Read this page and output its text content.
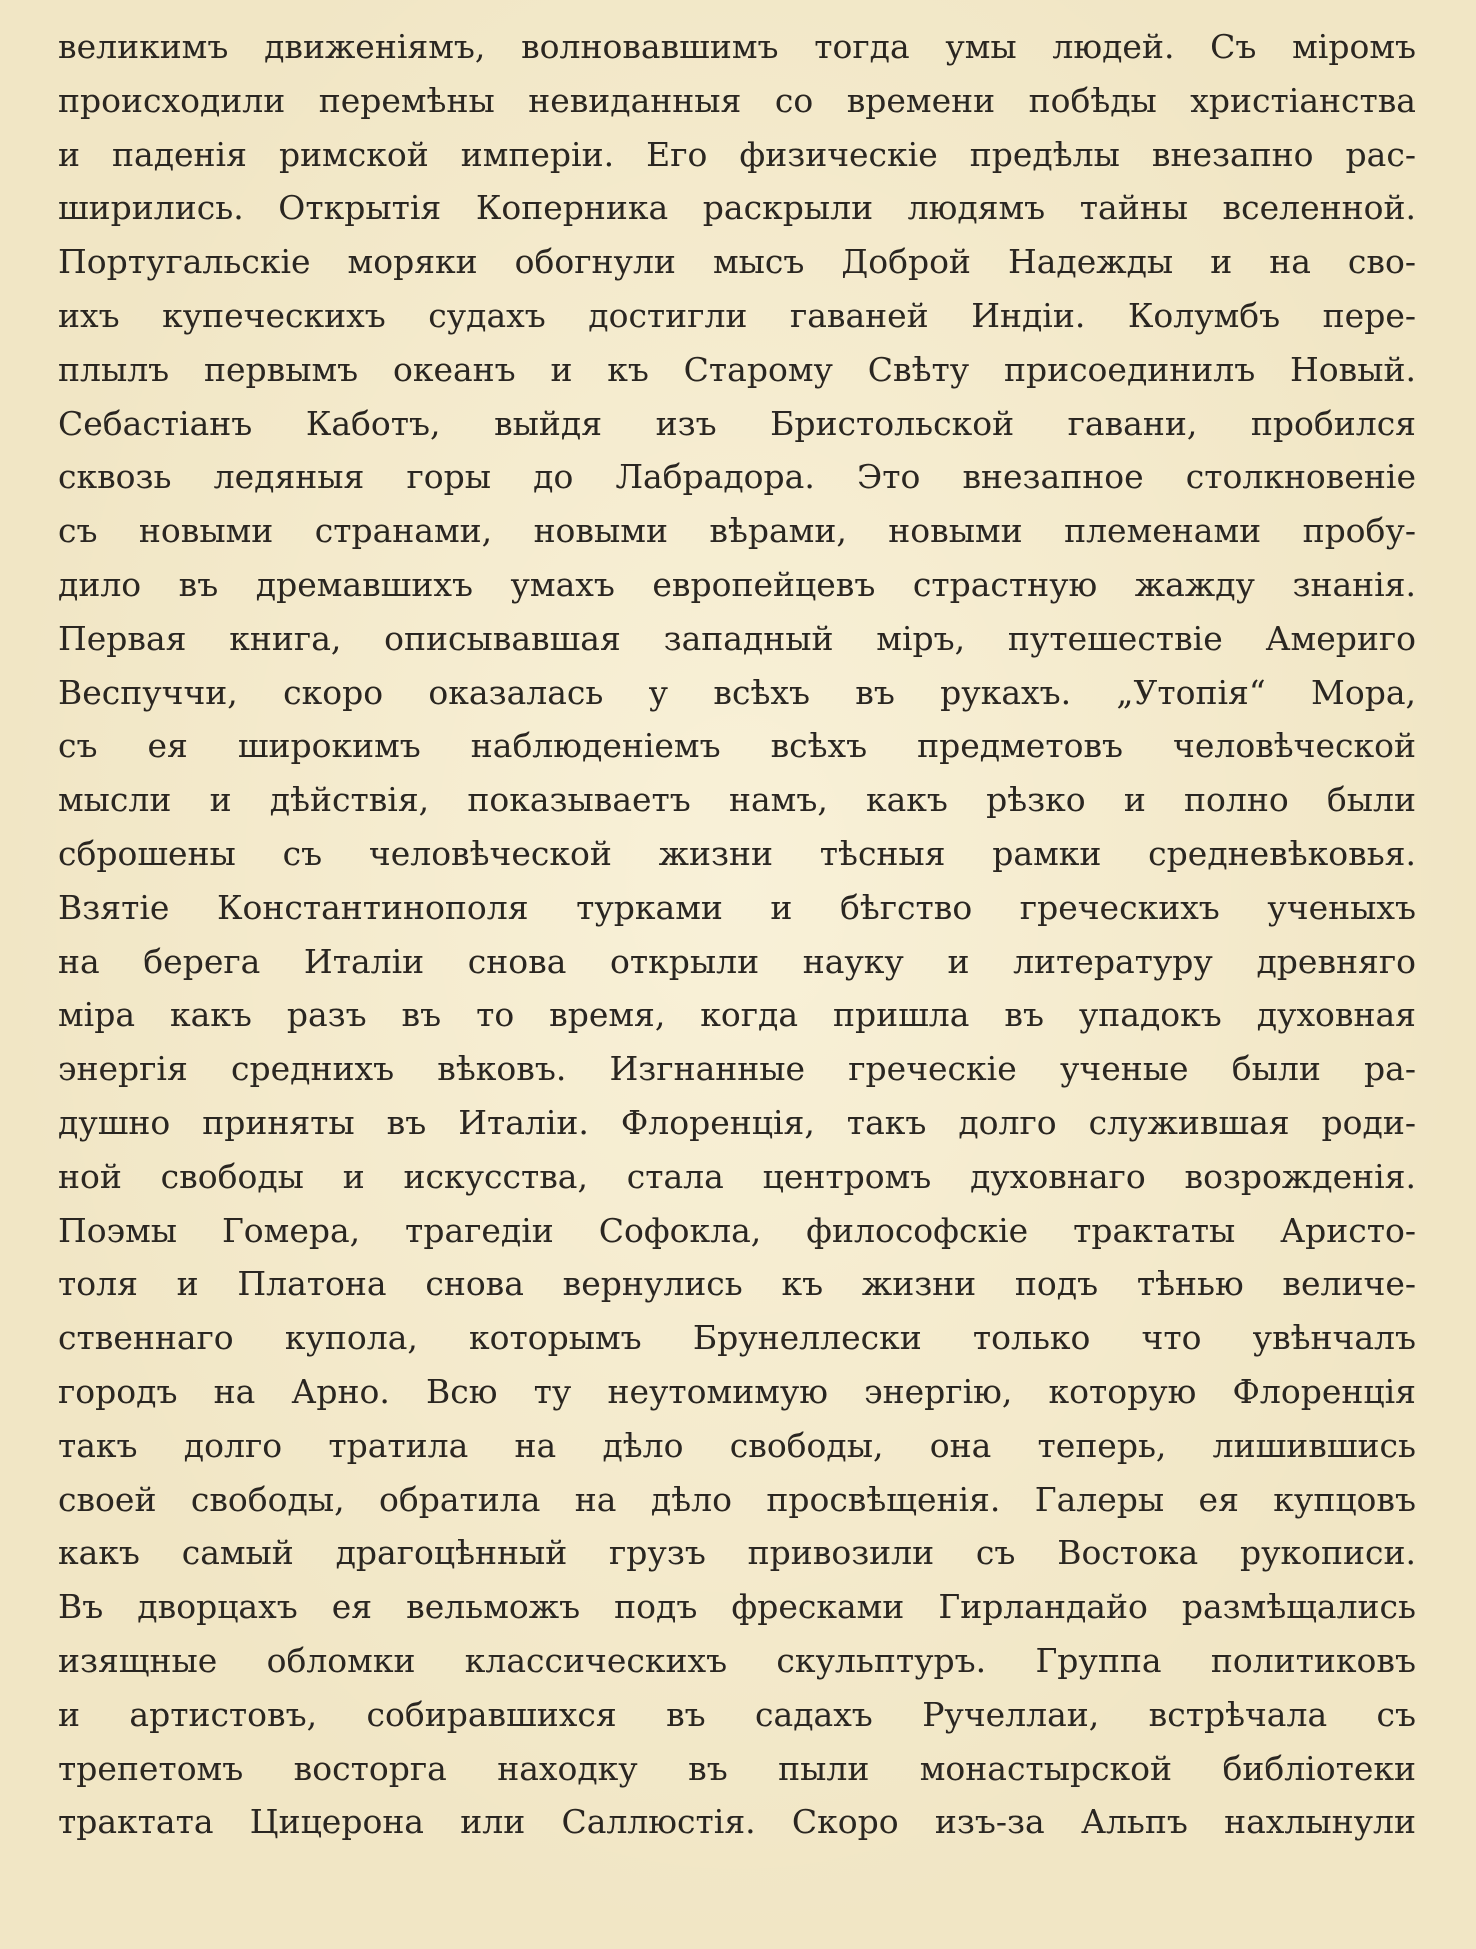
великимъ движеніямъ, волновавшимъ тогда умы людей. Съ міромъ
происходили перемѣны невиданныя со времени побѣды христіанства
и паденія римской имперіи. Его физическіе предѣлы внезапно рас-
ширились. Открытія Коперника раскрыли людямъ тайны вселенной.
Португальскіе моряки обогнули мысъ Доброй Надежды и на сво-
ихъ купеческихъ судахъ достигли гаваней Индіи. Колумбъ пере-
плылъ первымъ океанъ и къ Старому Свѣту присоединилъ Новый.
Себастіанъ Каботъ, выйдя изъ Бристольской гавани, пробился
сквозь ледяныя горы до Лабрадора. Это внезапное столкновеніе
съ новыми странами, новыми вѣрами, новыми племенами пробу-
дило въ дремавшихъ умахъ европейцевъ страстную жажду знанія.
Первая книга, описывавшая западный міръ, путешествіе Америго
Веспуччи, скоро оказалась у всѣхъ въ рукахъ. „Утопія“ Мора,
съ ея широкимъ наблюденіемъ всѣхъ предметовъ человѣческой
мысли и дѣйствія, показываетъ намъ, какъ рѣзко и полно были
сброшены съ человѣческой жизни тѣсныя рамки средневѣковья.
Взятіе Константинополя турками и бѣгство греческихъ ученыхъ
на берега Италіи снова открыли науку и литературу древняго
міра какъ разъ въ то время, когда пришла въ упадокъ духовная
энергія среднихъ вѣковъ. Изгнанные греческіе ученые были ра-
душно приняты въ Италіи. Флоренція, такъ долго служившая роди-
ной свободы и искусства, стала центромъ духовнаго возрожденія.
Поэмы Гомера, трагедіи Софокла, философскіе трактаты Аристо-
толя и Платона снова вернулись къ жизни подъ тѣнью величе-
ственнаго купола, которымъ Брунеллески только что увѣнчалъ
городъ на Арно. Всю ту неутомимую энергію, которую Флоренція
такъ долго тратила на дѣло свободы, она теперь, лишившись
своей свободы, обратила на дѣло просвѣщенія. Галеры ея купцовъ
какъ самый драгоцѣнный грузъ привозили съ Востока рукописи.
Въ дворцахъ ея вельможъ подъ фресками Гирландайо размѣщались
изящные обломки классическихъ скульптуръ. Группа политиковъ
и артистовъ, собиравшихся въ садахъ Ручеллаи, встрѣчала съ
трепетомъ восторга находку въ пыли монастырской библіотеки
трактата Цицерона или Саллюстія. Скоро изъ-за Альпъ нахлынули
